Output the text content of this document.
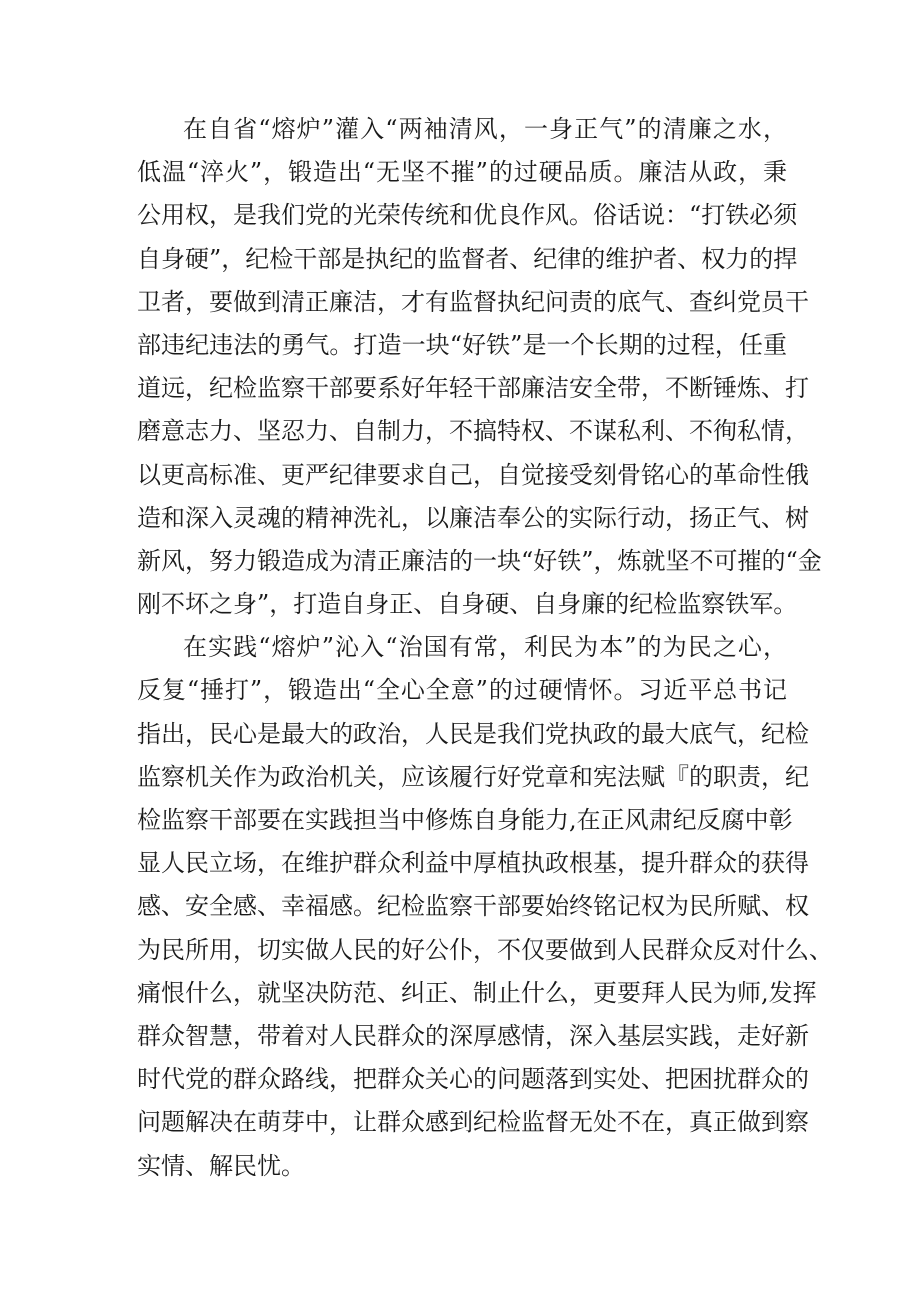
在自省“熔炉”灌入“两袖清风，一身正气”的清廉之水，
低温“淬火”，锻造出“无坚不摧”的过硬品质。廉洁从政，秉
公用权，是我们党的光荣传统和优良作风。俗话说：“打铁必须
自身硬”，纪检干部是执纪的监督者、纪律的维护者、权力的捍
卫者，要做到清正廉洁，才有监督执纪问责的底气、查纠党员干
部违纪违法的勇气。打造一块“好铁”是一个长期的过程，任重
道远，纪检监察干部要系好年轻干部廉洁安全带，不断锤炼、打
磨意志力、坚忍力、自制力，不搞特权、不谋私利、不徇私情，
以更高标准、更严纪律要求自己，自觉接受刻骨铭心的革命性俄
造和深入灵魂的精神洗礼，以廉洁奉公的实际行动，扬正气、树
新风，努力锻造成为清正廉洁的一块“好铁”，炼就坚不可摧的“金
刚不坏之身”，打造自身正、自身硬、自身廉的纪检监察铁军。
在实践“熔炉”沁入“治国有常，利民为本”的为民之心，
反复“捶打”，锻造出“全心全意”的过硬情怀。习近平总书记
指出，民心是最大的政治，人民是我们党执政的最大底气，纪检
监察机关作为政治机关，应该履行好党章和宪法赋『的职责，纪
检监察干部要在实践担当中修炼自身能力,在正风肃纪反腐中彰
显人民立场，在维护群众利益中厚植执政根基，提升群众的获得
感、安全感、幸福感。纪检监察干部要始终铭记权为民所赋、权
为民所用，切实做人民的好公仆，不仅要做到人民群众反对什么、
痛恨什么，就坚决防范、纠正、制止什么，更要拜人民为师,发挥
群众智慧，带着对人民群众的深厚感情，深入基层实践，走好新
时代党的群众路线，把群众关心的问题落到实处、把困扰群众的
问题解决在萌芽中，让群众感到纪检监督无处不在，真正做到察
实情、解民忧。
